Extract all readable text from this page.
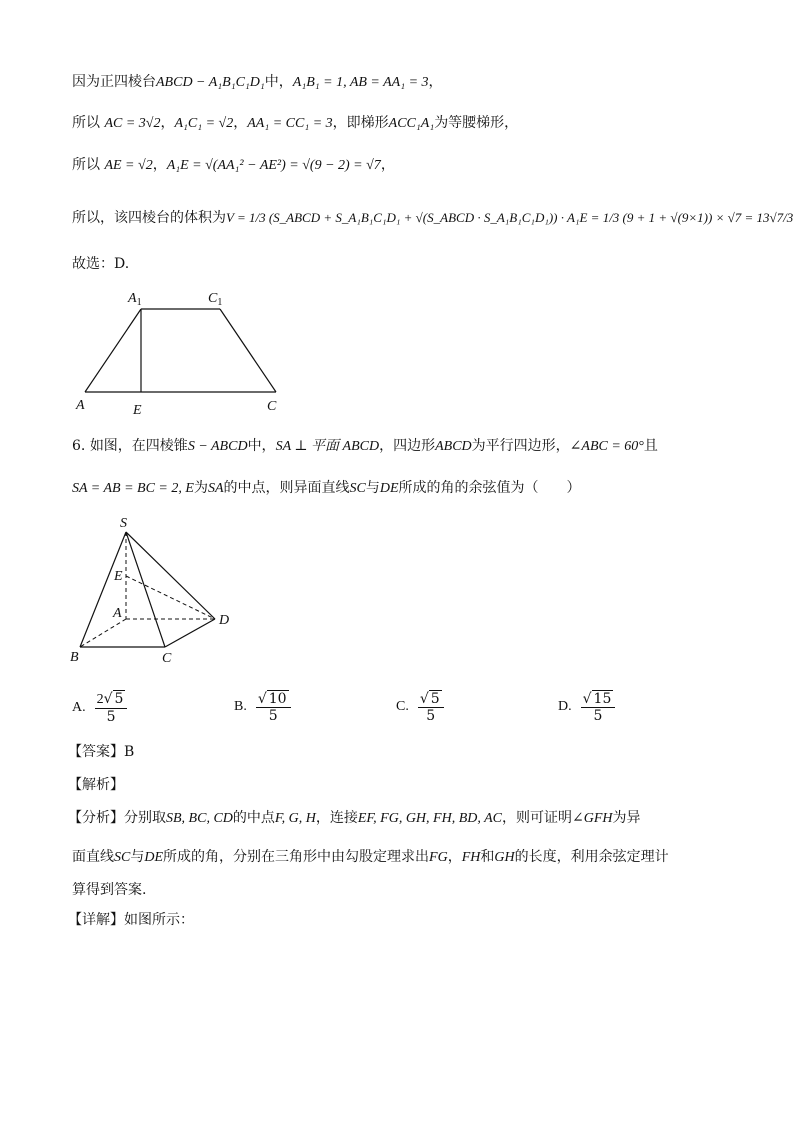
因为正四棱台ABCD − A₁B₁C₁D₁中，A₁B₁ = 1, AB = AA₁ = 3，
所以 AC = 3√2，A₁C₁ = √2，AA₁ = CC₁ = 3，即梯形ACC₁A₁为等腰梯形，
所以 AE = √2，A₁E = √(AA₁² − AE²) = √(9 − 2) = √7，
所以，该四棱台的体积为V = 1/3 (S_ABCD + S_A₁B₁C₁D₁ + √(S_ABCD · S_A₁B₁C₁D₁)) · A₁E = 1/3 (9 + 1 + √(9×1)) × √7 = 13√7/3
故选：D.
$A_1$	$C_1$
A	E	C
6. 如图，在四棱锥S − ABCD中，SA ⊥ 平面 ABCD，四边形ABCD为平行四边形，∠ABC = 60°且
SA = AB = BC = 2, E为SA的中点，则异面直线SC与DE所成的角的余弦值为（　　）
S
E
A	D
B	C
A. $\frac{2√ 5}{5}$	B. $\frac{√ 10}{5}$	C. $\frac{√ 5}{5}$	D. $\frac{√ 15}{5}$
【答案】B
【解析】
【分析】分别取SB, BC, CD的中点F, G, H，连接EF, FG, GH, FH, BD, AC，则可证明∠GFH为异
面直线SC与DE所成的角，分别在三角形中由勾股定理求出FG，FH和GH的长度，利用余弦定理计
算得到答案.
【详解】如图所示：
